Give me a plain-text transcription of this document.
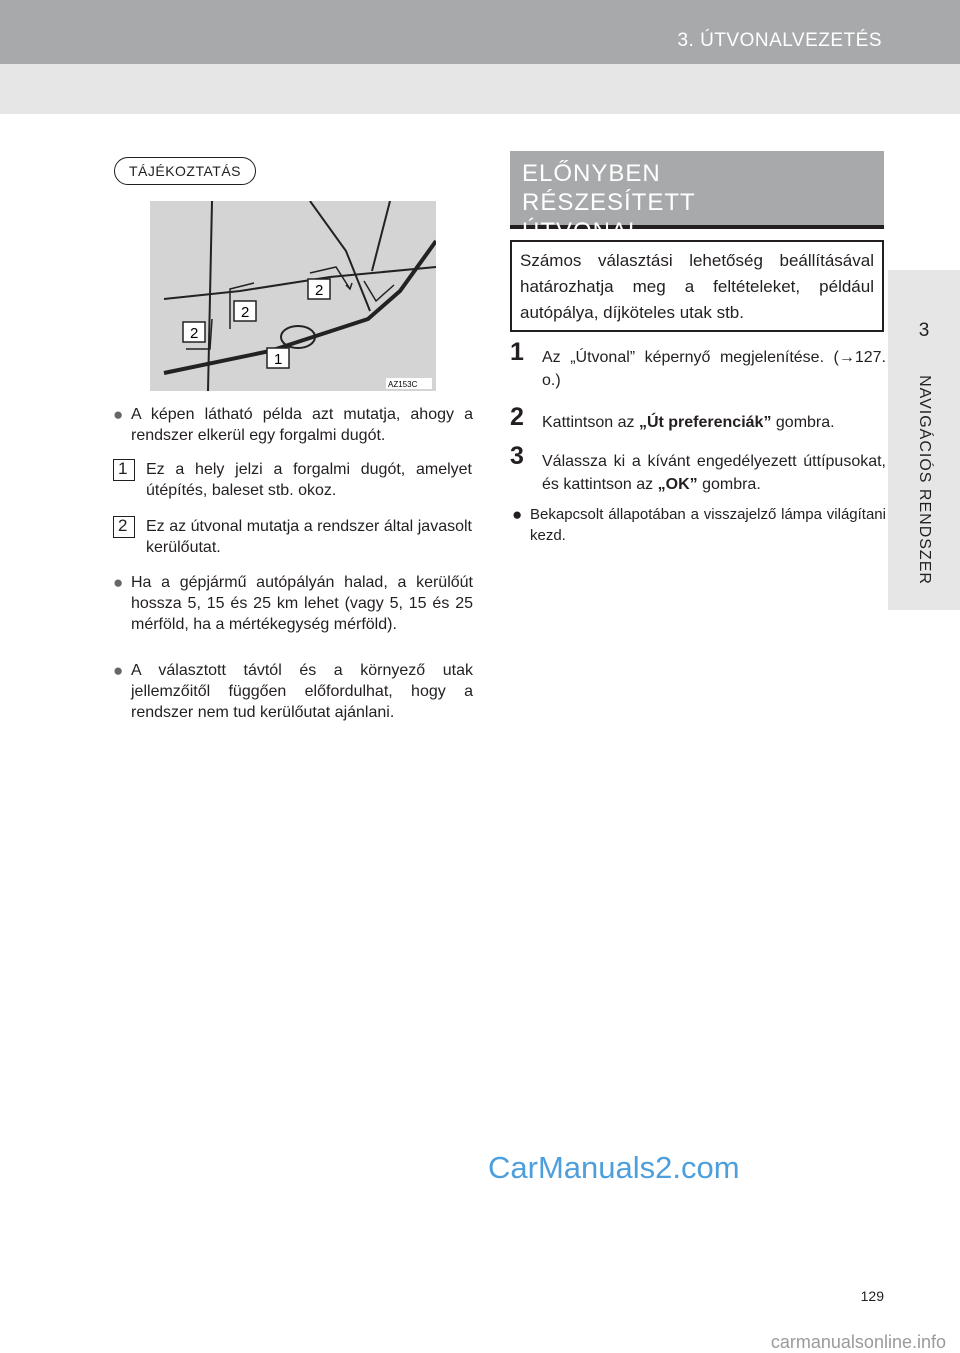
3. ÚTVONALVEZETÉS
3
NAVIGÁCIÓS RENDSZER
TÁJÉKOZTATÁS
1
2
2
2
AZ153C
● A képen látható példa azt mutatja, ahogy a rendszer elkerül egy forgalmi dugót.
1 Ez a hely jelzi a forgalmi dugót, amelyet útépítés, baleset stb. okoz.
2 Ez az útvonal mutatja a rendszer által javasolt kerülőutat.
● Ha a gépjármű autópályán halad, a kerülőút hossza 5, 15 és 25 km lehet (vagy 5, 15 és 25 mérföld, ha a mértékegység mérföld).
● A választott távtól és a környező utak jellemzőitől függően előfordulhat, hogy a rendszer nem tud kerülőutat ajánlani.
ELŐNYBEN RÉSZESÍTETT ÚTVONAL
Számos választási lehetőség beállításával határozhatja meg a feltételeket, például autópálya, díjköteles utak stb.
1	Az „Útvonal” képernyő megjelenítése. (→127. o.)
2	Kattintson az „Út preferenciák” gombra.
3	Válassza ki a kívánt engedélyezett úttípusokat, és kattintson az „OK” gombra.
● Bekapcsolt állapotában a visszajelző lámpa világítani kezd.
CarManuals2.com
129
carmanualsonline.info
